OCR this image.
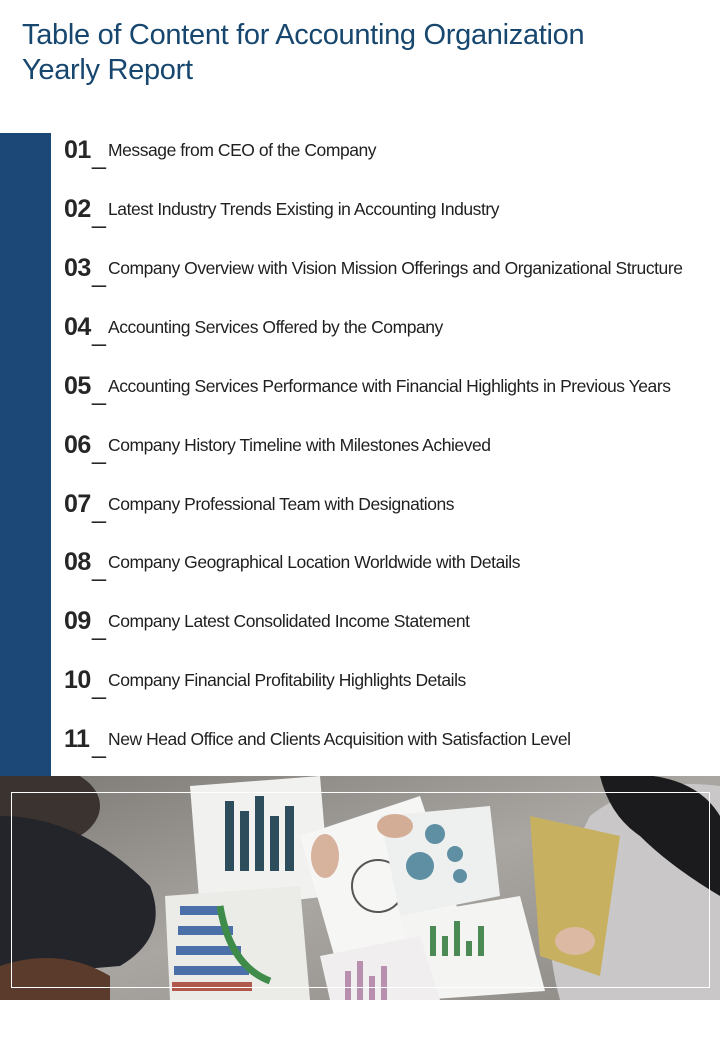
Table of Content for Accounting Organization
Yearly Report
01 _ Message from CEO of the Company
02 _ Latest Industry Trends Existing in Accounting Industry
03 _ Company Overview with Vision Mission Offerings and Organizational Structure
04 _ Accounting Services Offered by the Company
05 _ Accounting Services Performance with Financial Highlights in Previous Years
06 _ Company History Timeline with Milestones Achieved
07 _ Company Professional Team with Designations
08 _ Company Geographical Location Worldwide with Details
09 _ Company Latest Consolidated Income Statement
10 _ Company Financial Profitability Highlights Details
11 _ New Head Office and Clients Acquisition with Satisfaction Level
